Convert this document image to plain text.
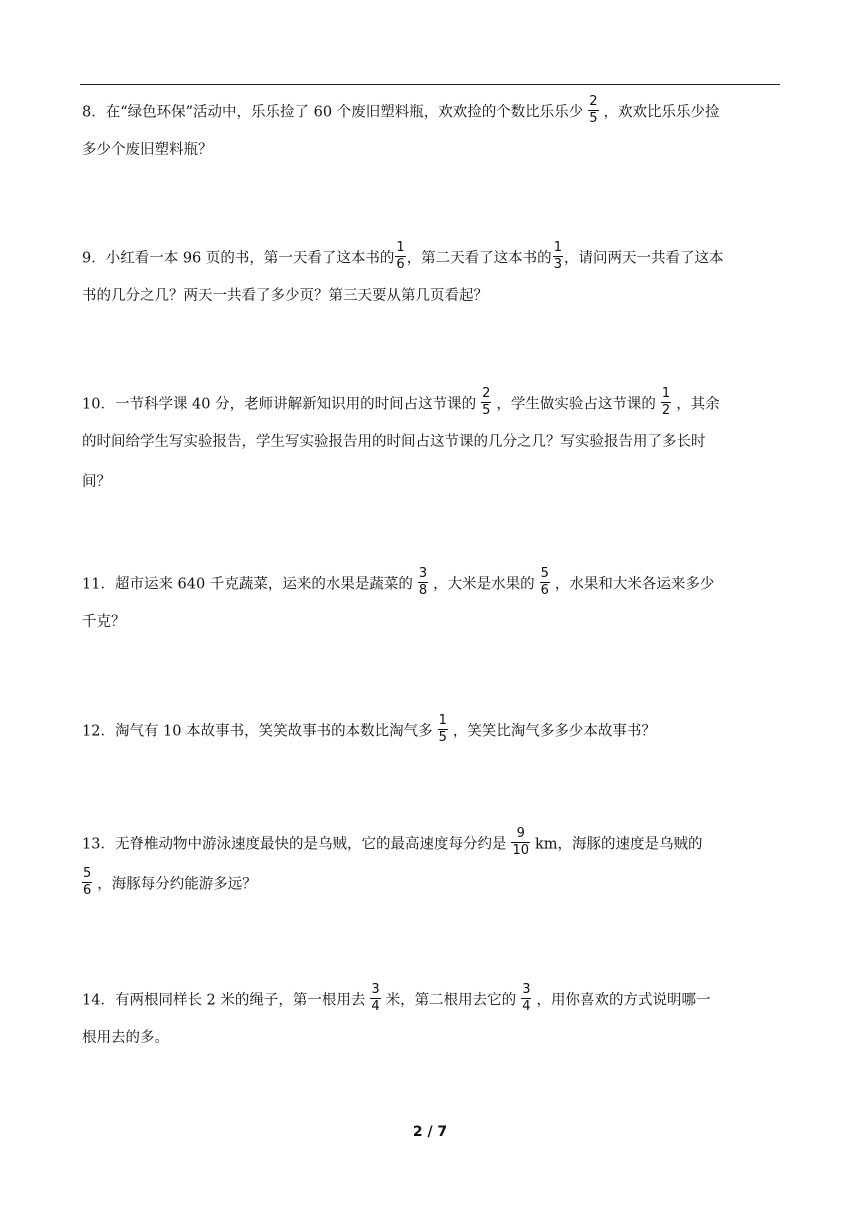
8．在“绿色环保”活动中，乐乐捡了 60 个废旧塑料瓶，欢欢捡的个数比乐乐少 $\frac{2}{5}$ ，欢欢比乐乐少捡
多少个废旧塑料瓶？
9．小红看一本 96 页的书，第一天看了这本书的 $\frac{1}{6}$ ，第二天看了这本书的 $\frac{1}{3}$ ，请问两天一共看了这本
书的几分之几？两天一共看了多少页？第三天要从第几页看起？
10．一节科学课 40 分，老师讲解新知识用的时间占这节课的 $\frac{2}{5}$ ，学生做实验占这节课的 $\frac{1}{2}$ ，其余
的时间给学生写实验报告，学生写实验报告用的时间占这节课的几分之几？写实验报告用了多长时
间？
11．超市运来 640 千克蔬菜，运来的水果是蔬菜的 $\frac{3}{8}$ ，大米是水果的 $\frac{5}{6}$ ，水果和大米各运来多少
千克？
12．淘气有 10 本故事书，笑笑故事书的本数比淘气多 $\frac{1}{5}$ ，笑笑比淘气多多少本故事书？
13．无脊椎动物中游泳速度最快的是乌贼，它的最高速度每分约是 $\frac{9}{10}$ km，海豚的速度是乌贼的
$\frac{5}{6}$ ，海豚每分约能游多远？
14．有两根同样长 2 米的绳子，第一根用去 $\frac{3}{4}$ 米，第二根用去它的 $\frac{3}{4}$ ，用你喜欢的方式说明哪一
根用去的多。
2 / 7
